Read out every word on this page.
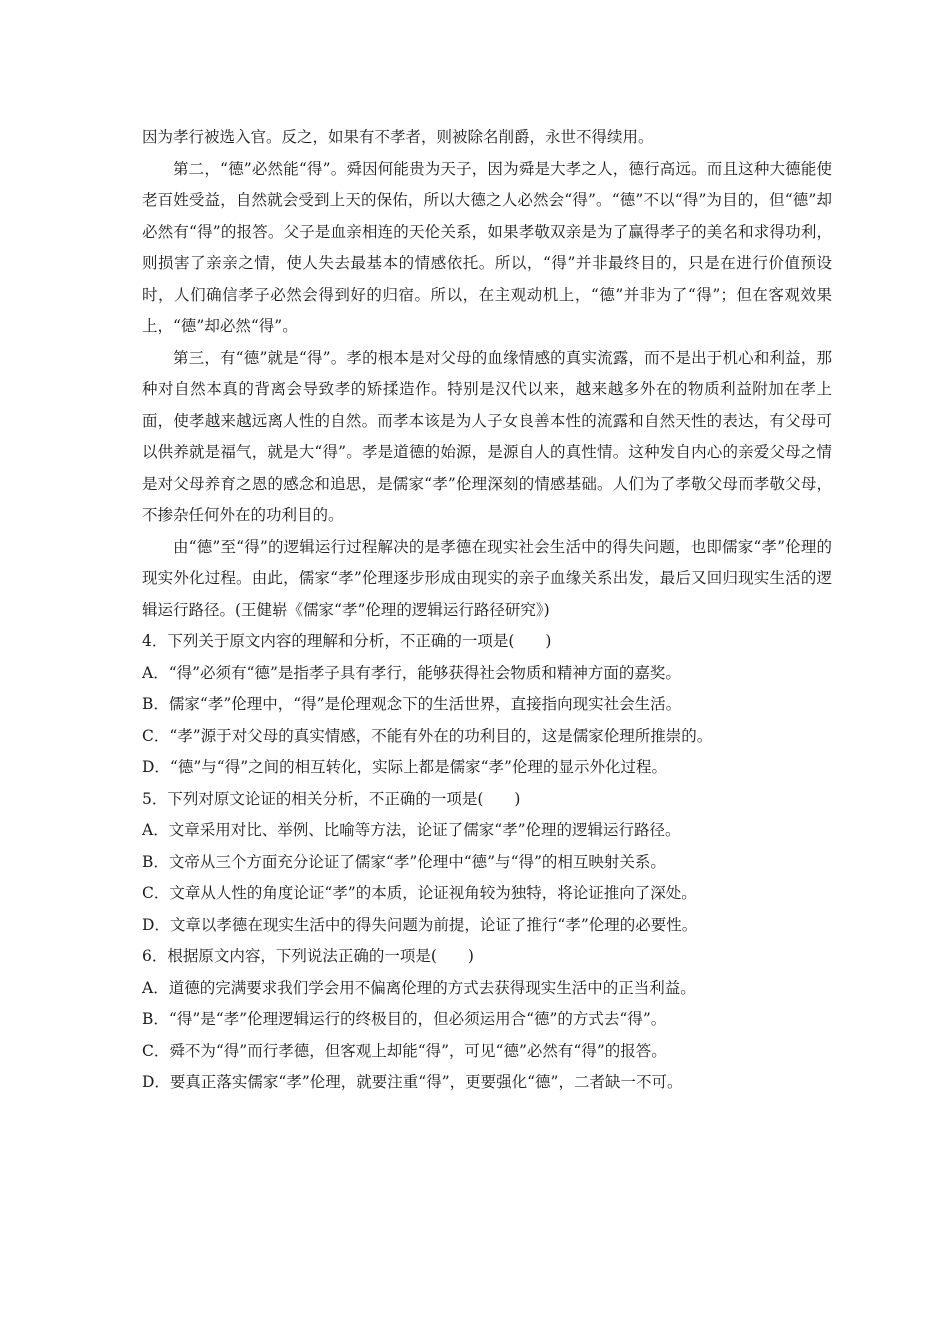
因为孝行被选入官。反之，如果有不孝者，则被除名削爵，永世不得续用。

第二，“德”必然能“得”。舜因何能贵为天子，因为舜是大孝之人，德行高远。而且这种大德能使老百姓受益，自然就会受到上天的保佑，所以大德之人必然会“得”。“德”不以“得”为目的，但“德”却必然有“得”的报答。父子是血亲相连的天伦关系，如果孝敬双亲是为了赢得孝子的美名和求得功利，则损害了亲亲之情，使人失去最基本的情感依托。所以，“得”并非最终目的，只是在进行价值预设时，人们确信孝子必然会得到好的归宿。所以，在主观动机上，“德”并非为了“得”；但在客观效果上，“德”却必然“得”。

第三，有“德”就是“得”。孝的根本是对父母的血缘情感的真实流露，而不是出于机心和利益，那种对自然本真的背离会导致孝的矫揉造作。特别是汉代以来，越来越多外在的物质利益附加在孝上面，使孝越来越远离人性的自然。而孝本该是为人子女良善本性的流露和自然天性的表达，有父母可以供养就是福气，就是大“得”。孝是道德的始源，是源自人的真性情。这种发自内心的亲爱父母之情是对父母养育之恩的感念和追思，是儒家“孝”伦理深刻的情感基础。人们为了孝敬父母而孝敬父母，不掺杂任何外在的功利目的。

由“德”至“得”的逻辑运行过程解决的是孝德在现实社会生活中的得失问题，也即儒家“孝”伦理的现实外化过程。由此，儒家“孝”伦理逐步形成由现实的亲子血缘关系出发，最后又回归现实生活的逻辑运行路径。(王健崭《儒家“孝”伦理的逻辑运行路径研究》)

4．下列关于原文内容的理解和分析，不正确的一项是(　　)

A．“得”必须有“德”是指孝子具有孝行，能够获得社会物质和精神方面的嘉奖。

B．儒家“孝”伦理中，“得”是伦理观念下的生活世界，直接指向现实社会生活。

C．“孝”源于对父母的真实情感，不能有外在的功利目的，这是儒家伦理所推崇的。

D．“德”与“得”之间的相互转化，实际上都是儒家“孝”伦理的显示外化过程。

5．下列对原文论证的相关分析，不正确的一项是(　　)

A．文章采用对比、举例、比喻等方法，论证了儒家“孝”伦理的逻辑运行路径。

B．文帝从三个方面充分论证了儒家“孝”伦理中“德”与“得”的相互映射关系。

C．文章从人性的角度论证“孝”的本质，论证视角较为独特，将论证推向了深处。

D．文章以孝德在现实生活中的得失问题为前提，论证了推行“孝”伦理的必要性。

6．根据原文内容，下列说法正确的一项是(　　)

A．道德的完满要求我们学会用不偏离伦理的方式去获得现实生活中的正当利益。

B．“得”是“孝”伦理逻辑运行的终极目的，但必须运用合“德”的方式去“得”。

C．舜不为“得”而行孝德，但客观上却能“得”，可见“德”必然有“得”的报答。

D．要真正落实儒家“孝”伦理，就要注重“得”，更要强化“德”，二者缺一不可。
